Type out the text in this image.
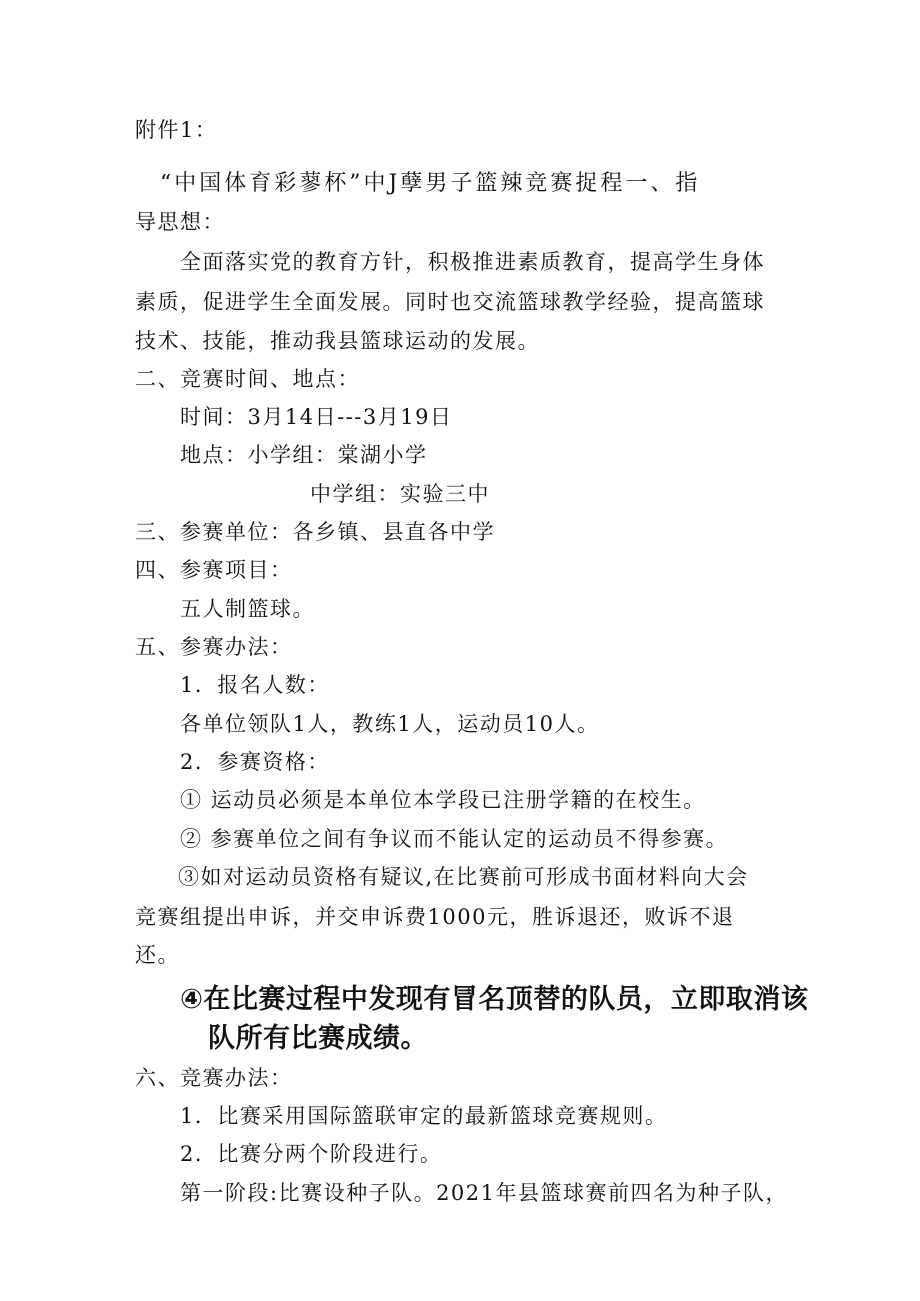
附件1：
“中国体育彩蓼杯”中J孽男子篮辣竞赛捉程一、指
导思想：
全面落实党的教育方针，积极推进素质教育，提高学生身体
素质，促进学生全面发展。同时也交流篮球教学经验，提高篮球
技术、技能，推动我县篮球运动的发展。
二、竞赛时间、地点：
时间：3月14日---3月19日
地点：小学组：棠湖小学
中学组：实验三中
三、参赛单位：各乡镇、县直各中学
四、参赛项目：
五人制篮球。
五、参赛办法：
1．报名人数：
各单位领队1人，教练1人，运动员10人。
2．参赛资格：
① 运动员必须是本单位本学段已注册学籍的在校生。
② 参赛单位之间有争议而不能认定的运动员不得参赛。
③如对运动员资格有疑议,在比赛前可形成书面材料向大会
竞赛组提出申诉，并交申诉费1000元，胜诉退还，败诉不退
还。
④在比赛过程中发现有冒名顶替的队员，立即取消该
队所有比赛成绩。
六、竞赛办法：
1．比赛采用国际篮联审定的最新篮球竞赛规则。
2．比赛分两个阶段进行。
第一阶段:比赛设种子队。2021年县篮球赛前四名为种子队，
